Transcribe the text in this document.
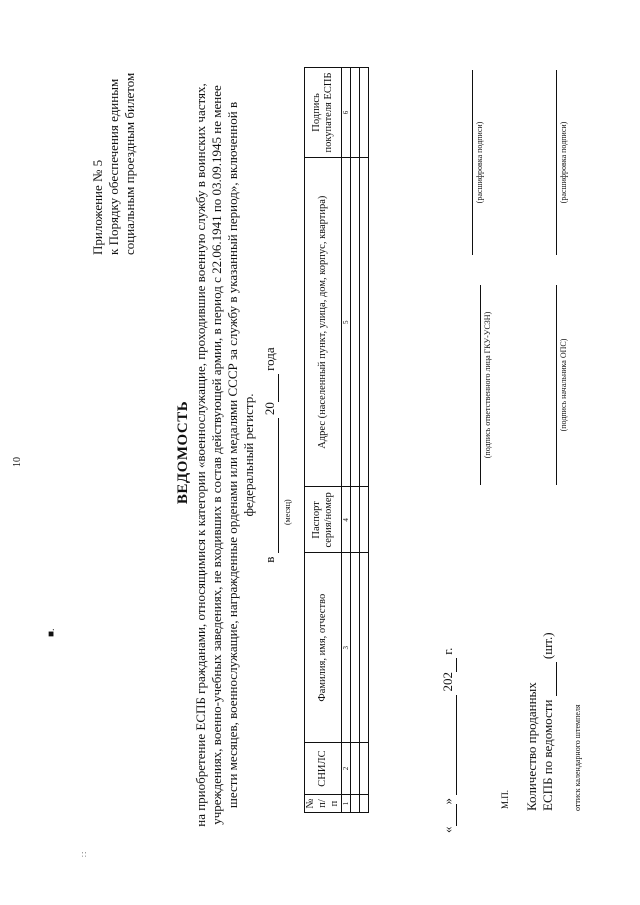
10
■.
∷
Приложение № 5 к Порядку обеспечения единым социальным проездным билетом
ВЕДОМОСТЬ на приобретение ЕСПБ гражданами, относящимися к категории «военнослужащие, проходившие военную службу в воинских частях, учреждениях, военно-учебных заведениях, не входивших в состав действующей армии, в период с 22.06.1941 по 03.09.1945 не менее шести месяцев, военнослужащие, награжденные орденами или медалями СССР за службу в указанный период», включенной в федеральный регистр.
в   20  года
(месяц)
№ п/п	СНИЛС	Фамилия, имя, отчество	Паспорт серия/номер	Адрес (населенный пункт, улица, дом, корпус, квартира)	Подпись покупателя ЕСПБ
1	2	3	4	5	6

« »   202  г.
(подпись ответственного лица ГКУ-УСЗН)
(расшифровка подписи)
М.П.
(подпись начальника ОПС)
(расшифровка подписи)
Количество проданных ЕСПБ по ведомости   (шт.)
оттиск календарного штемпеля
